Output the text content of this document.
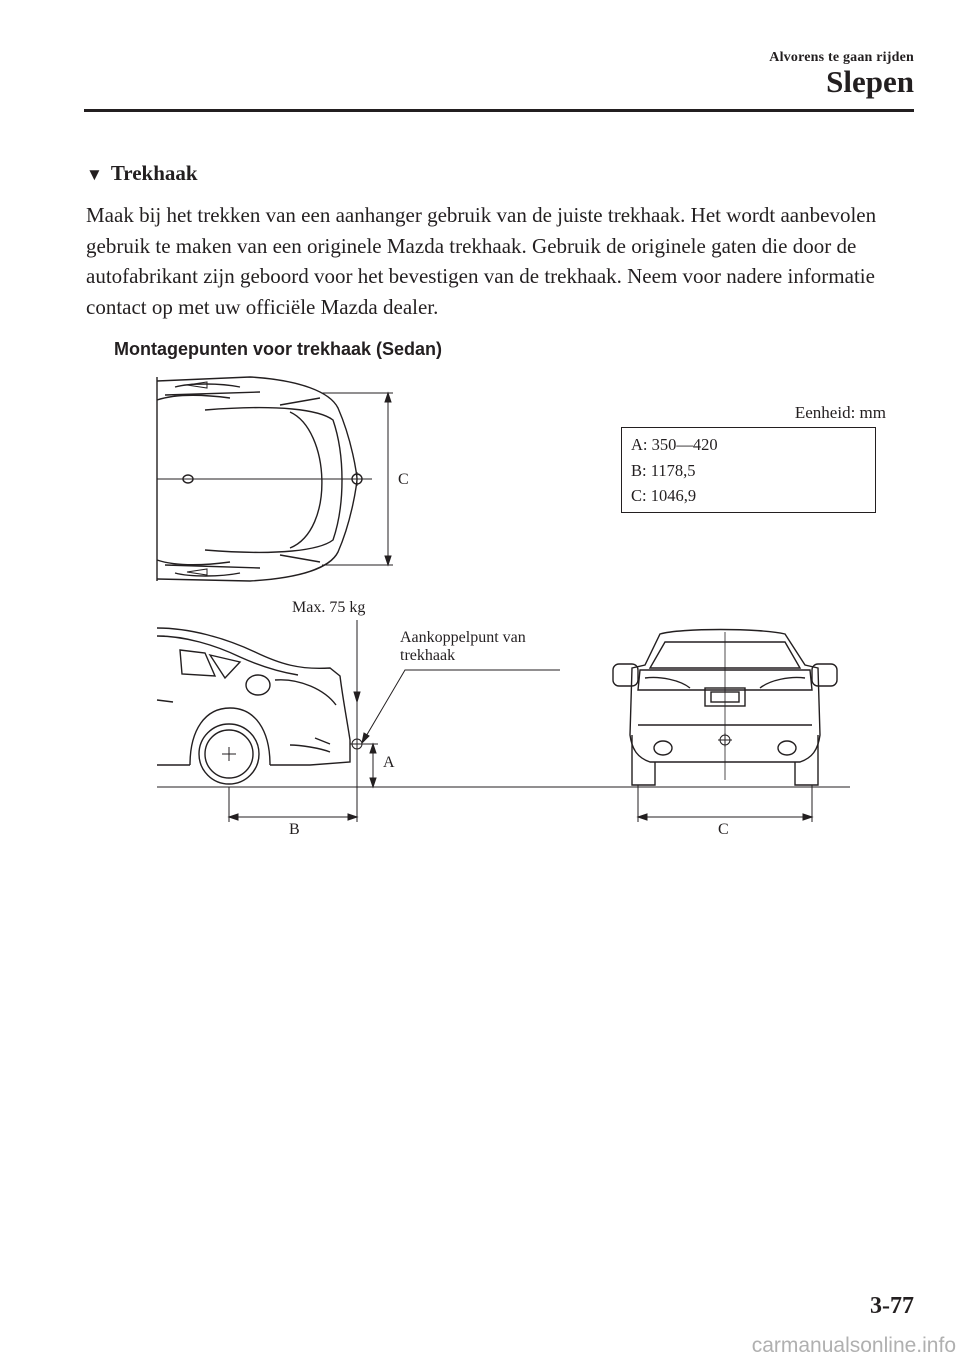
Alvorens te gaan rijden
Slepen
▼ Trekhaak

Maak bij het trekken van een aanhanger gebruik van de juiste trekhaak. Het wordt aanbevolen gebruik te maken van een originele Mazda trekhaak. Gebruik de originele gaten die door de autofabrikant zijn geboord voor het bevestigen van de trekhaak. Neem voor nadere informatie contact op met uw officiële Mazda dealer.

Montagepunten voor trekhaak (Sedan)
Eenheid: mm
A: 350—420
B: 1178,5
C: 1046,9
C
Max. 75 kg
Aankoppelpunt van
trekhaak
A
B	C
3-77
carmanualsonline.info
